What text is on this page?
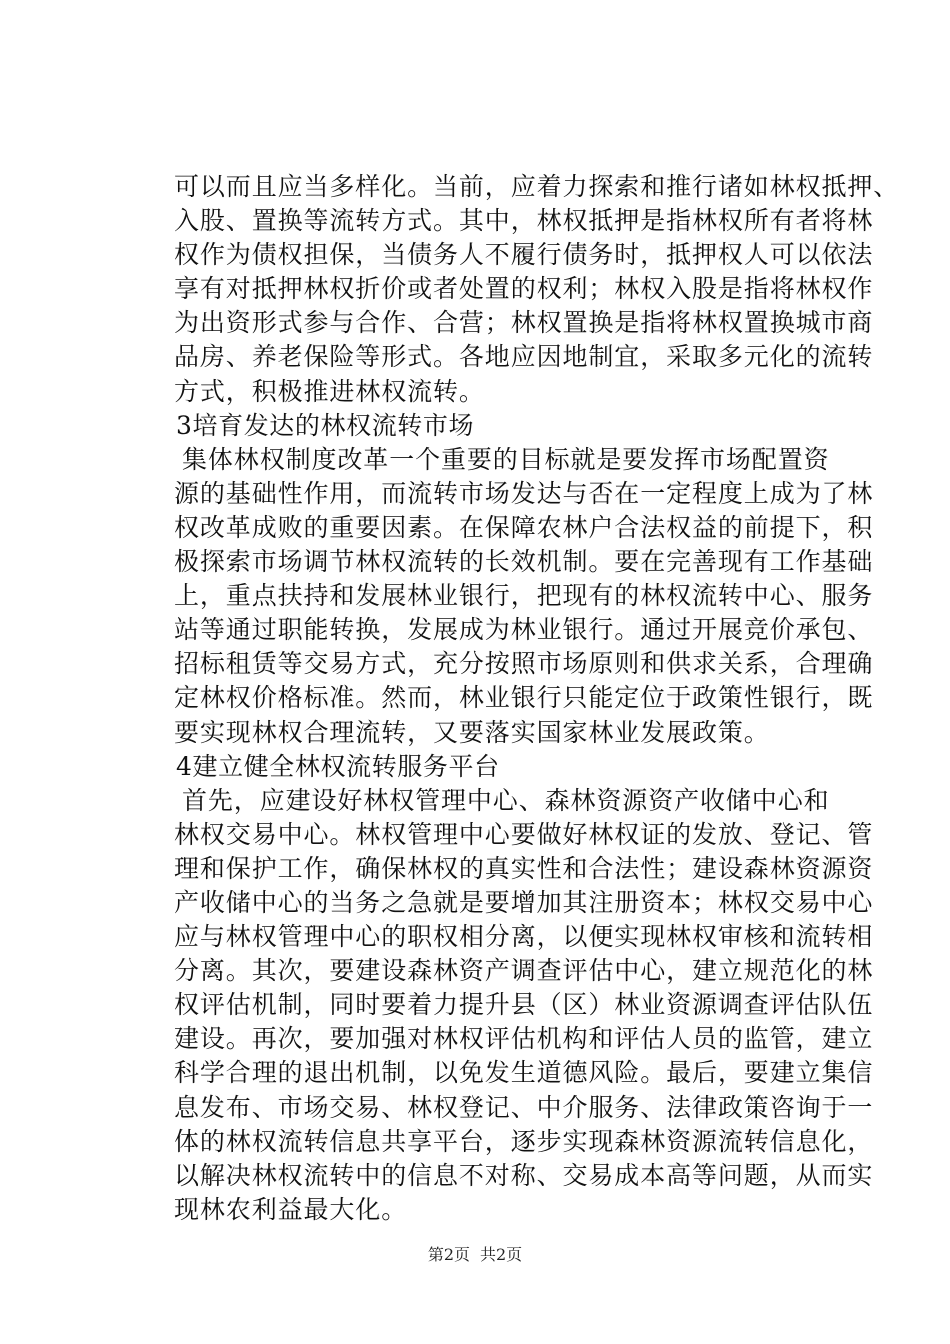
可以而且应当多样化。当前，应着力探索和推行诸如林权抵押、
入股、置换等流转方式。其中，林权抵押是指林权所有者将林
权作为债权担保，当债务人不履行债务时，抵押权人可以依法
享有对抵押林权折价或者处置的权利；林权入股是指将林权作
为出资形式参与合作、合营；林权置换是指将林权置换城市商
品房、养老保险等形式。各地应因地制宜，采取多元化的流转
方式，积极推进林权流转。
3培育发达的林权流转市场
集体林权制度改革一个重要的目标就是要发挥市场配置资
源的基础性作用，而流转市场发达与否在一定程度上成为了林
权改革成败的重要因素。在保障农林户合法权益的前提下，积
极探索市场调节林权流转的长效机制。要在完善现有工作基础
上，重点扶持和发展林业银行，把现有的林权流转中心、服务
站等通过职能转换，发展成为林业银行。通过开展竞价承包、
招标租赁等交易方式，充分按照市场原则和供求关系，合理确
定林权价格标准。然而，林业银行只能定位于政策性银行，既
要实现林权合理流转，又要落实国家林业发展政策。
4建立健全林权流转服务平台
首先，应建设好林权管理中心、森林资源资产收储中心和
林权交易中心。林权管理中心要做好林权证的发放、登记、管
理和保护工作，确保林权的真实性和合法性；建设森林资源资
产收储中心的当务之急就是要增加其注册资本；林权交易中心
应与林权管理中心的职权相分离，以便实现林权审核和流转相
分离。其次，要建设森林资产调查评估中心，建立规范化的林
权评估机制，同时要着力提升县（区）林业资源调查评估队伍
建设。再次，要加强对林权评估机构和评估人员的监管，建立
科学合理的退出机制，以免发生道德风险。最后，要建立集信
息发布、市场交易、林权登记、中介服务、法律政策咨询于一
体的林权流转信息共享平台，逐步实现森林资源流转信息化，
以解决林权流转中的信息不对称、交易成本高等问题，从而实
现林农利益最大化。
第2页 共2页
